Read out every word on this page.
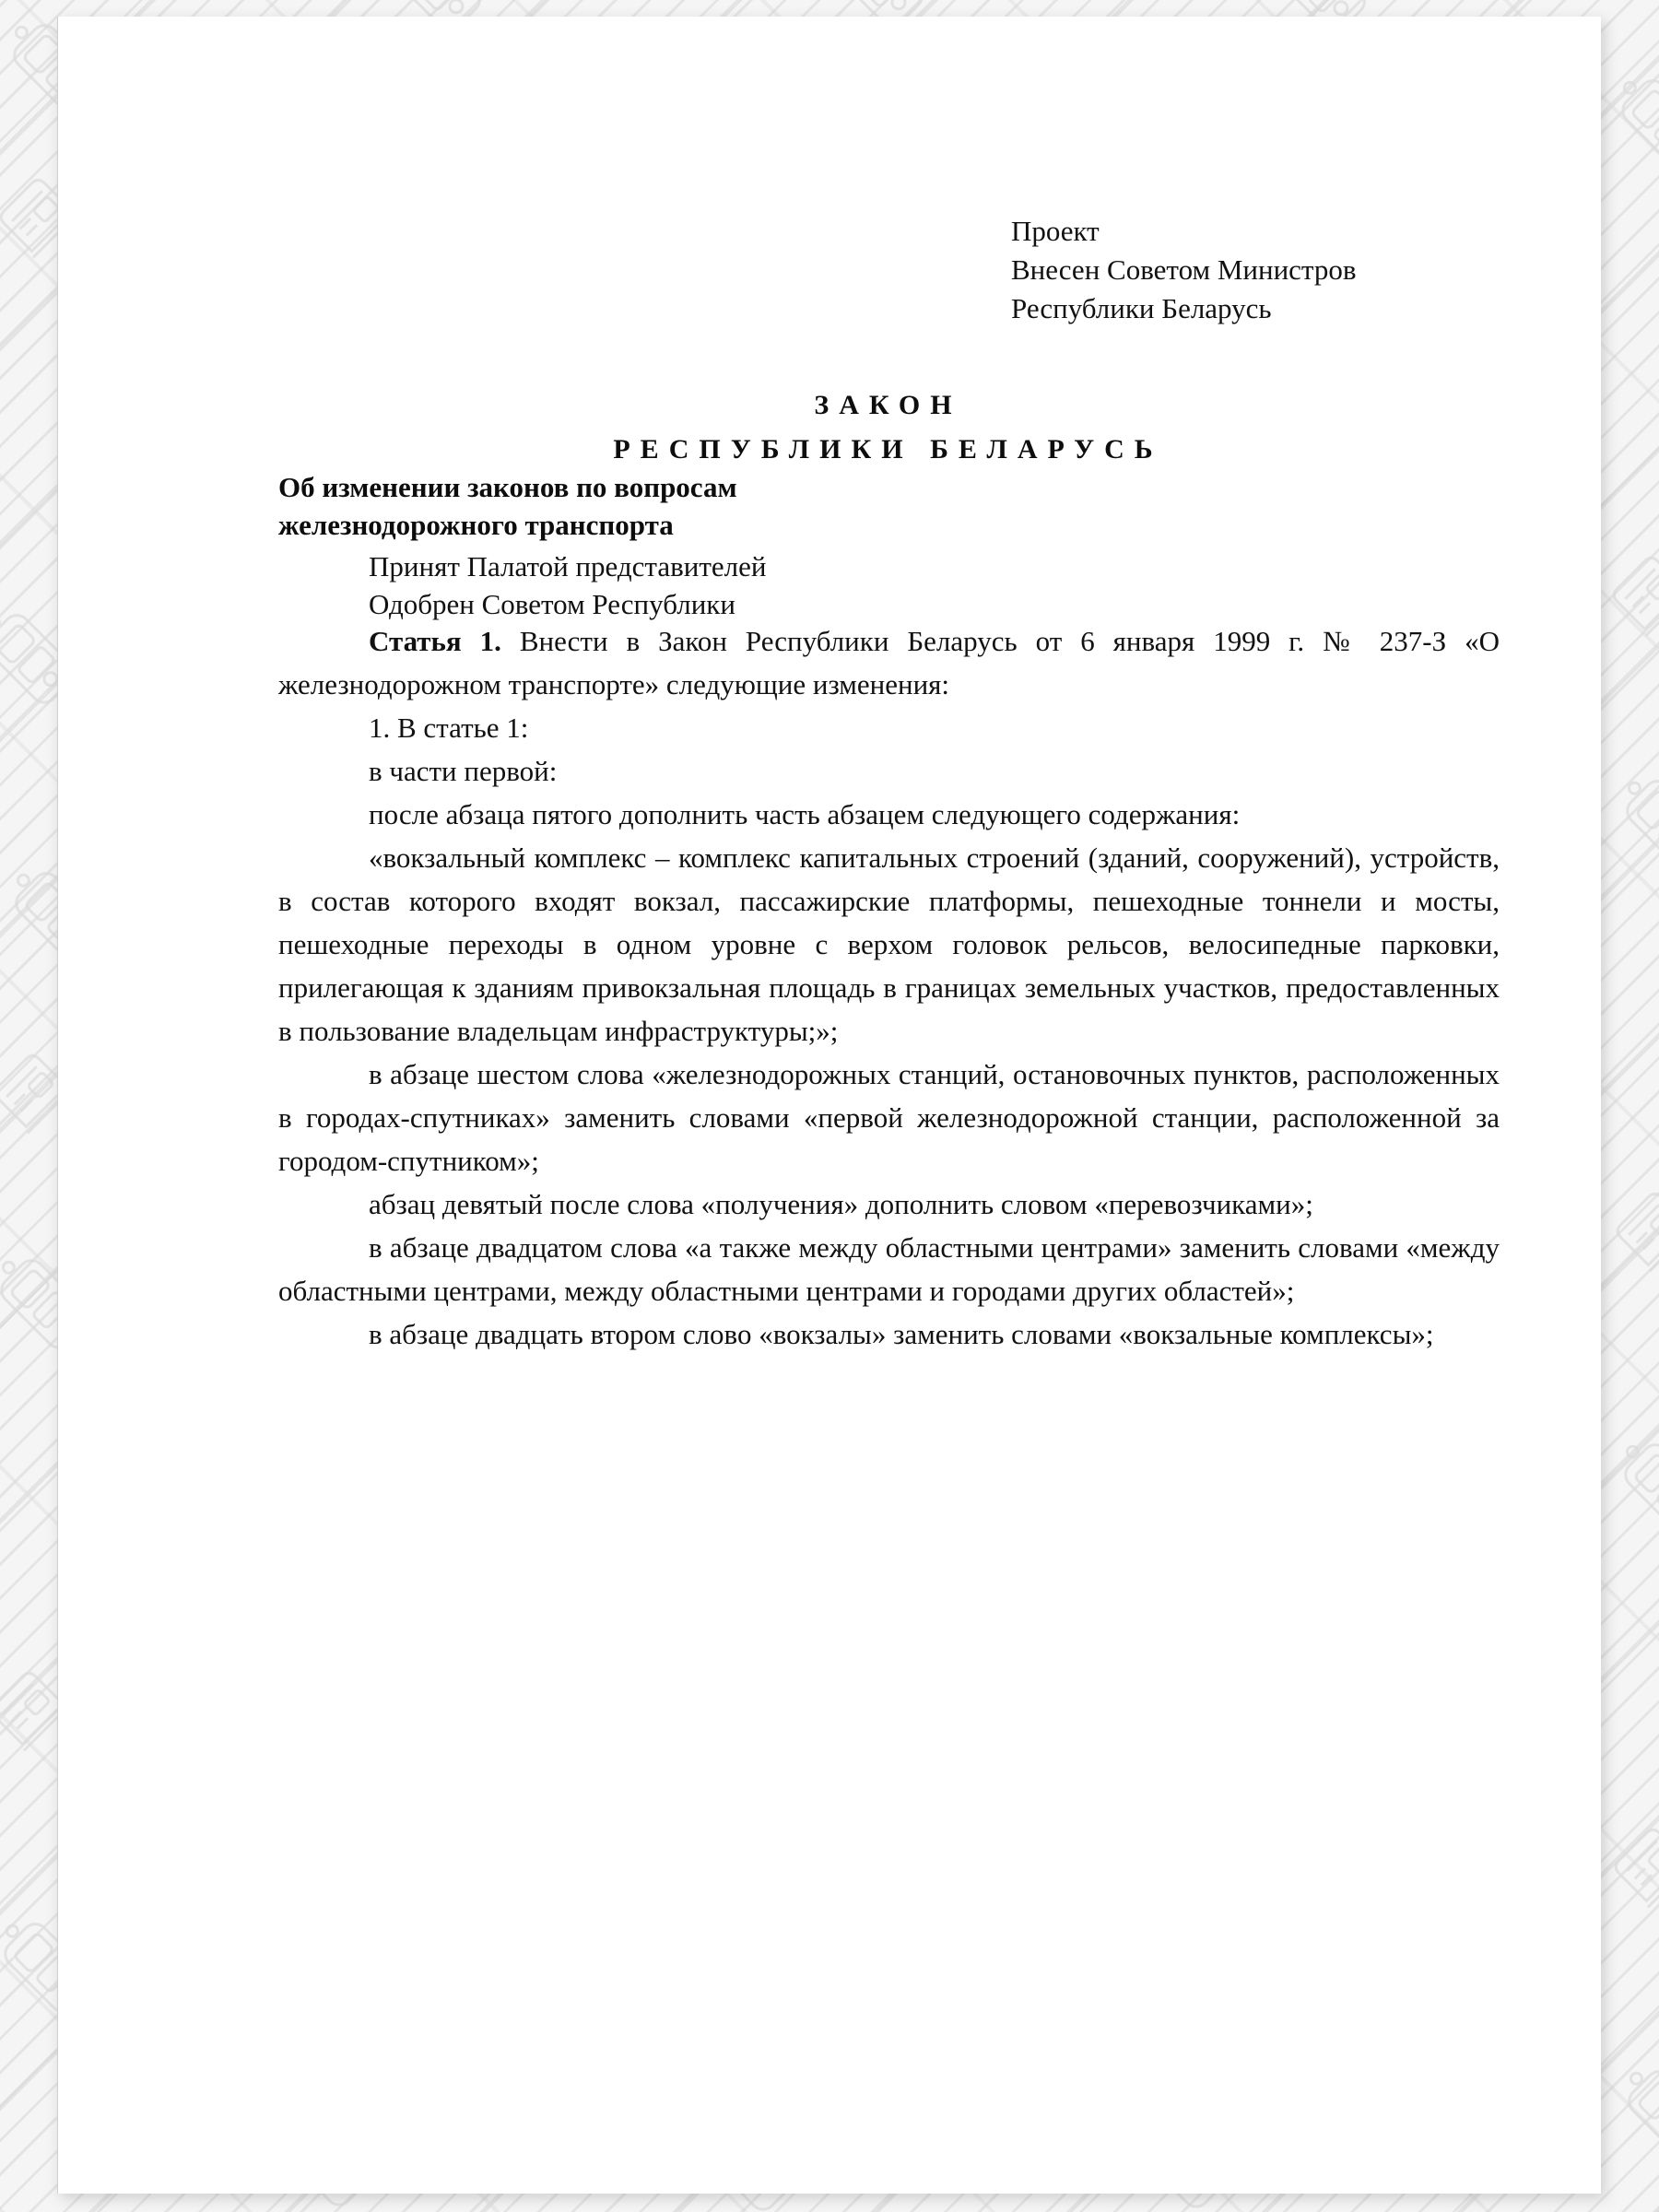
Проект
Внесен Советом Министров
Республики Беларусь
ЗАКОН
РЕСПУБЛИКИ БЕЛАРУСЬ
Об изменении законов по вопросам
железнодорожного транспорта
Принят Палатой представителей
Одобрен Советом Республики

Статья 1. Внести в Закон Республики Беларусь от 6 января 1999 г. № 237-З «О железнодорожном транспорте» следующие изменения:

1. В статье 1:

в части первой:

после абзаца пятого дополнить часть абзацем следующего содержания:

«вокзальный комплекс – комплекс капитальных строений (зданий, сооружений), устройств, в состав которого входят вокзал, пассажирские платформы, пешеходные тоннели и мосты, пешеходные переходы в одном уровне с верхом головок рельсов, велосипедные парковки, прилегающая к зданиям привокзальная площадь в границах земельных участков, предоставленных в пользование владельцам инфраструктуры;»;

в абзаце шестом слова «железнодорожных станций, остановочных пунктов, расположенных в городах-спутниках» заменить словами «первой железнодорожной станции, расположенной за городом-спутником»;

абзац девятый после слова «получения» дополнить словом «перевозчиками»;

в абзаце двадцатом слова «а также между областными центрами» заменить словами «между областными центрами, между областными центрами и городами других областей»;

в абзаце двадцать втором слово «вокзалы» заменить словами «вокзальные комплексы»;
